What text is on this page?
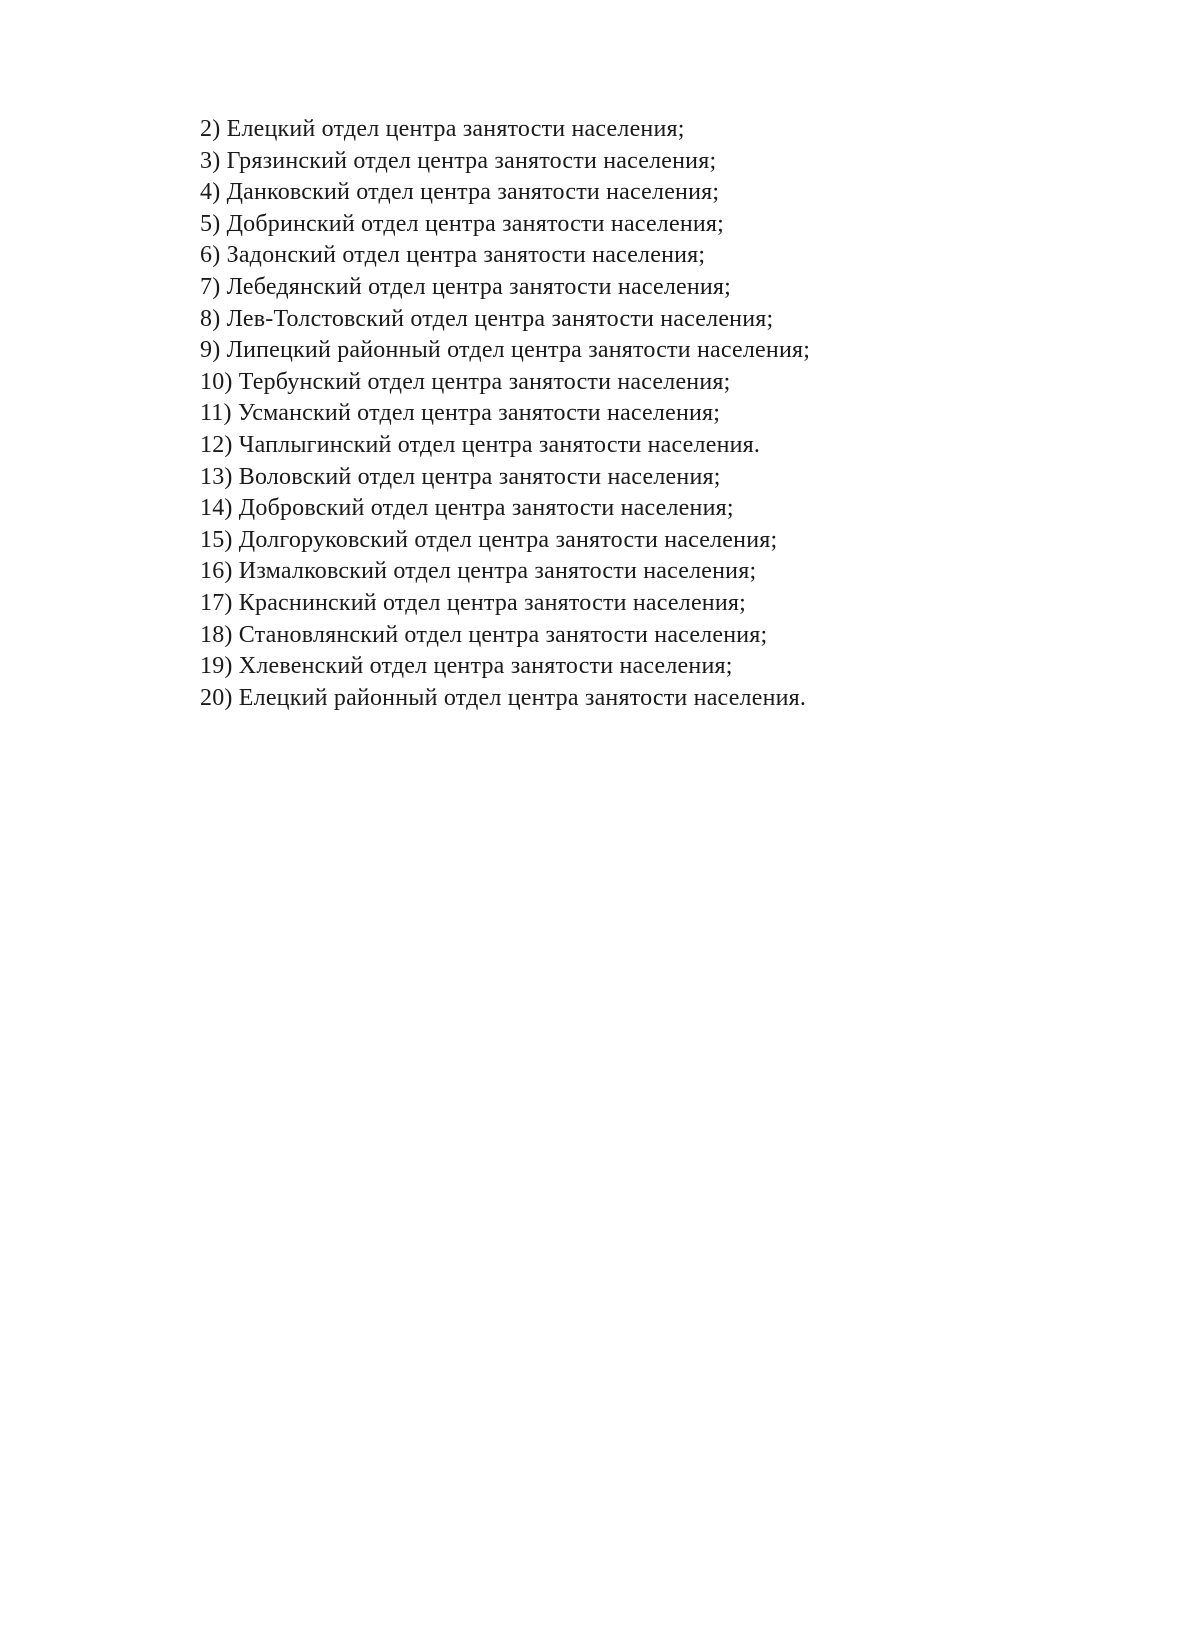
2) Елецкий отдел центра занятости населения;
3) Грязинский отдел центра занятости населения;
4) Данковский отдел центра занятости населения;
5) Добринский отдел центра занятости населения;
6) Задонский отдел центра занятости населения;
7) Лебедянский отдел центра занятости населения;
8) Лев-Толстовский отдел центра занятости населения;
9) Липецкий районный отдел центра занятости населения;
10) Тербунский отдел центра занятости населения;
11) Усманский отдел центра занятости населения;
12) Чаплыгинский отдел центра занятости населения.
13) Воловский отдел центра занятости населения;
14) Добровский отдел центра занятости населения;
15) Долгоруковский отдел центра занятости населения;
16) Измалковский отдел центра занятости населения;
17) Краснинский отдел центра занятости населения;
18) Становлянский отдел центра занятости населения;
19) Хлевенский отдел центра занятости населения;
20) Елецкий районный отдел центра занятости населения.
